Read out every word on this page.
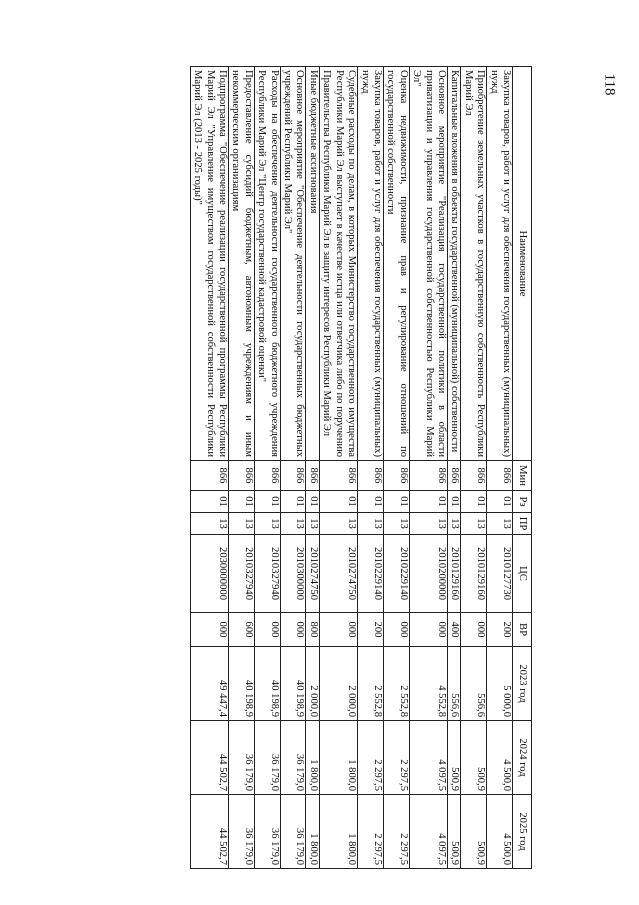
118
Наименование	Мин	Рз	ПР	ЦС	ВР	2023 год	2024 год	2025 год
Закупка товаров, работ и услуг для обеспечения государственных (муниципальных) нужд	866	01	13	2010127730	200	5 000,0	4 500,0	4 500,0
Приобретение земельных участков в государственную собственность Республики Марий Эл	866	01	13	2010129160	000	556,6	500,9	500,9
Капитальные вложения в объекты государственной (муниципальной) собственности	866	01	13	2010129160	400	556,6	500,9	500,9
Основное мероприятие "Реализация государственной политики в области приватизации и управления государственной собственностью Республики Марий Эл"	866	01	13	2010200000	000	4 552,8	4 097,5	4 097,5
Оценка недвижимости, признание прав и регулирование отношений по государственной собственности	866	01	13	2010229140	000	2 552,8	2 297,5	2 297,5
Закупка товаров, работ и услуг для обеспечения государственных (муниципальных) нужд	866	01	13	2010229140	200	2 552,8	2 297,5	2 297,5
Судебные расходы по делам, в которых Министерство государственного имущества Республики Марий Эл выступает в качестве истца или ответчика либо по поручению Правительства Республики Марий Эл в защиту интересов Республики Марий Эл	866	01	13	2010274750	000	2 000,0	1 800,0	1 800,0
Иные бюджетные ассигнования	866	01	13	2010274750	800	2 000,0	1 800,0	1 800,0
Основное мероприятие "Обеспечение деятельности государственных бюджетных учреждений Республики Марий Эл"	866	01	13	2010300000	000	40 198,9	36 179,0	36 179,0
Расходы на обеспечение деятельности государственного бюджетного учреждения Республики Марий Эл "Центр государственной кадастровой оценки"	866	01	13	2010327940	000	40 198,9	36 179,0	36 179,0
Предоставление субсидий бюджетным, автономным учреждениям и иным некоммерческим организациям	866	01	13	2010327940	600	40 198,9	36 179,0	36 179,0
Подпрограмма "Обеспечение реализации государственной программы Республики Марий Эл "Управление имуществом государственной собственности Республики Марий Эл (2013 - 2025 годы)"	866	01	13	2030000000	000	49 447,4	44 502,7	44 502,7
